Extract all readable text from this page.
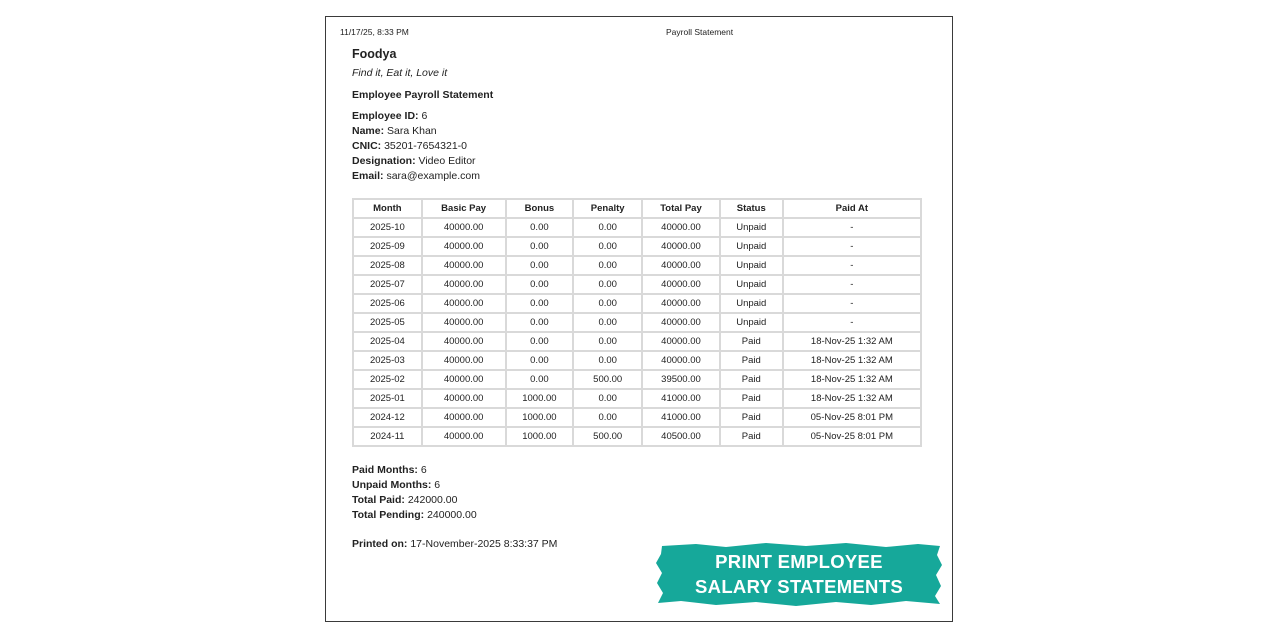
11/17/25, 8:33 PM	Payroll Statement
Foodya
Find it, Eat it, Love it
Employee Payroll Statement
Employee ID: 6
Name: Sara Khan
CNIC: 35201-7654321-0
Designation: Video Editor
Email: sara@example.com
Month	Basic Pay	Bonus	Penalty	Total Pay	Status	Paid At
2025-10	40000.00	0.00	0.00	40000.00	Unpaid	-
2025-09	40000.00	0.00	0.00	40000.00	Unpaid	-
2025-08	40000.00	0.00	0.00	40000.00	Unpaid	-
2025-07	40000.00	0.00	0.00	40000.00	Unpaid	-
2025-06	40000.00	0.00	0.00	40000.00	Unpaid	-
2025-05	40000.00	0.00	0.00	40000.00	Unpaid	-
2025-04	40000.00	0.00	0.00	40000.00	Paid	18-Nov-25 1:32 AM
2025-03	40000.00	0.00	0.00	40000.00	Paid	18-Nov-25 1:32 AM
2025-02	40000.00	0.00	500.00	39500.00	Paid	18-Nov-25 1:32 AM
2025-01	40000.00	1000.00	0.00	41000.00	Paid	18-Nov-25 1:32 AM
2024-12	40000.00	1000.00	0.00	41000.00	Paid	05-Nov-25 8:01 PM
2024-11	40000.00	1000.00	500.00	40500.00	Paid	05-Nov-25 8:01 PM
Paid Months: 6
Unpaid Months: 6
Total Paid: 242000.00
Total Pending: 240000.00
Printed on: 17-November-2025 8:33:37 PM
PRINT EMPLOYEE
SALARY STATEMENTS
